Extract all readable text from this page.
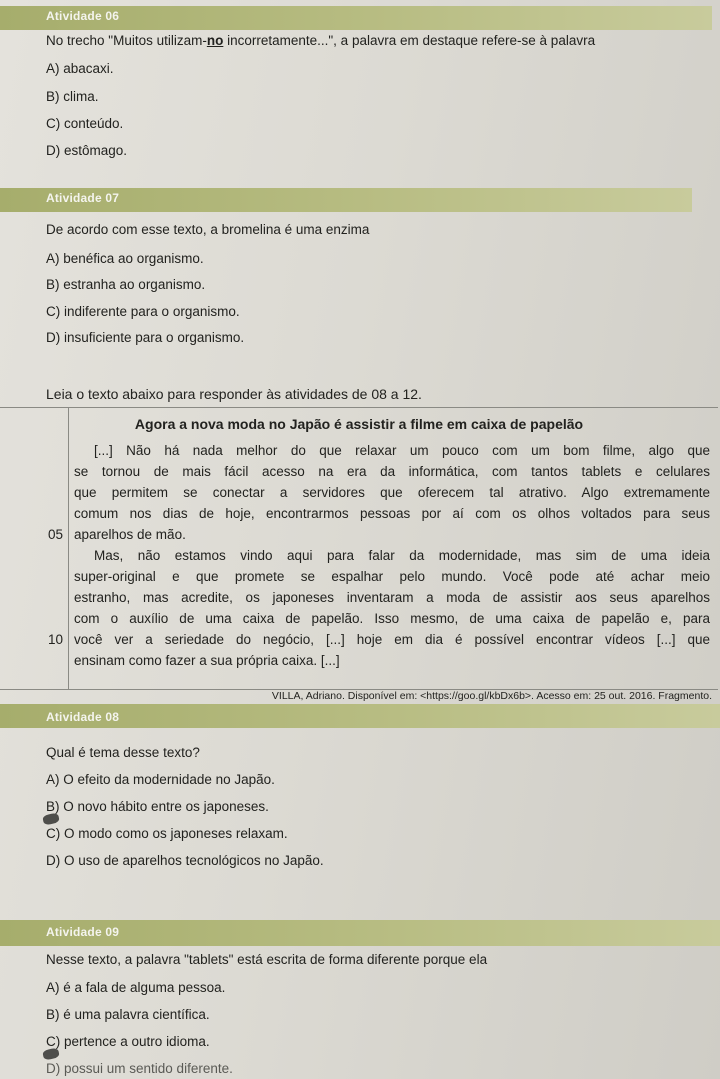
Atividade 06
No trecho "Muitos utilizam-no incorretamente...", a palavra em destaque refere-se à palavra
A) abacaxi.
B) clima.
C) conteúdo.
D) estômago.
Atividade 07
De acordo com esse texto, a bromelina é uma enzima
A) benéfica ao organismo.
B) estranha ao organismo.
C) indiferente para o organismo.
D) insuficiente para o organismo.
Leia o texto abaixo para responder às atividades de 08 a 12.
Agora a nova moda no Japão é assistir a filme em caixa de papelão
[...] Não há nada melhor do que relaxar um pouco com um bom filme, algo que
se tornou de mais fácil acesso na era da informática, com tantos tablets e celulares
que permitem se conectar a servidores que oferecem tal atrativo. Algo extremamente
comum nos dias de hoje, encontrarmos pessoas por aí com os olhos voltados para seus
aparelhos de mão.
05
Mas, não estamos vindo aqui para falar da modernidade, mas sim de uma ideia
super-original e que promete se espalhar pelo mundo. Você pode até achar meio
estranho, mas acredite, os japoneses inventaram a moda de assistir aos seus aparelhos
com o auxílio de uma caixa de papelão. Isso mesmo, de uma caixa de papelão e, para
você ver a seriedade do negócio, [...] hoje em dia é possível encontrar vídeos [...] que
10
ensinam como fazer a sua própria caixa. [...]
VILLA, Adriano. Disponível em: <https://goo.gl/kbDx6b>. Acesso em: 25 out. 2016. Fragmento.
Atividade 08
Qual é tema desse texto?
A) O efeito da modernidade no Japão.
B) O novo hábito entre os japoneses.
C) O modo como os japoneses relaxam.
D) O uso de aparelhos tecnológicos no Japão.
Atividade 09
Nesse texto, a palavra "tablets" está escrita de forma diferente porque ela
A) é a fala de alguma pessoa.
B) é uma palavra científica.
C) pertence a outro idioma.
D) possui um sentido diferente.
